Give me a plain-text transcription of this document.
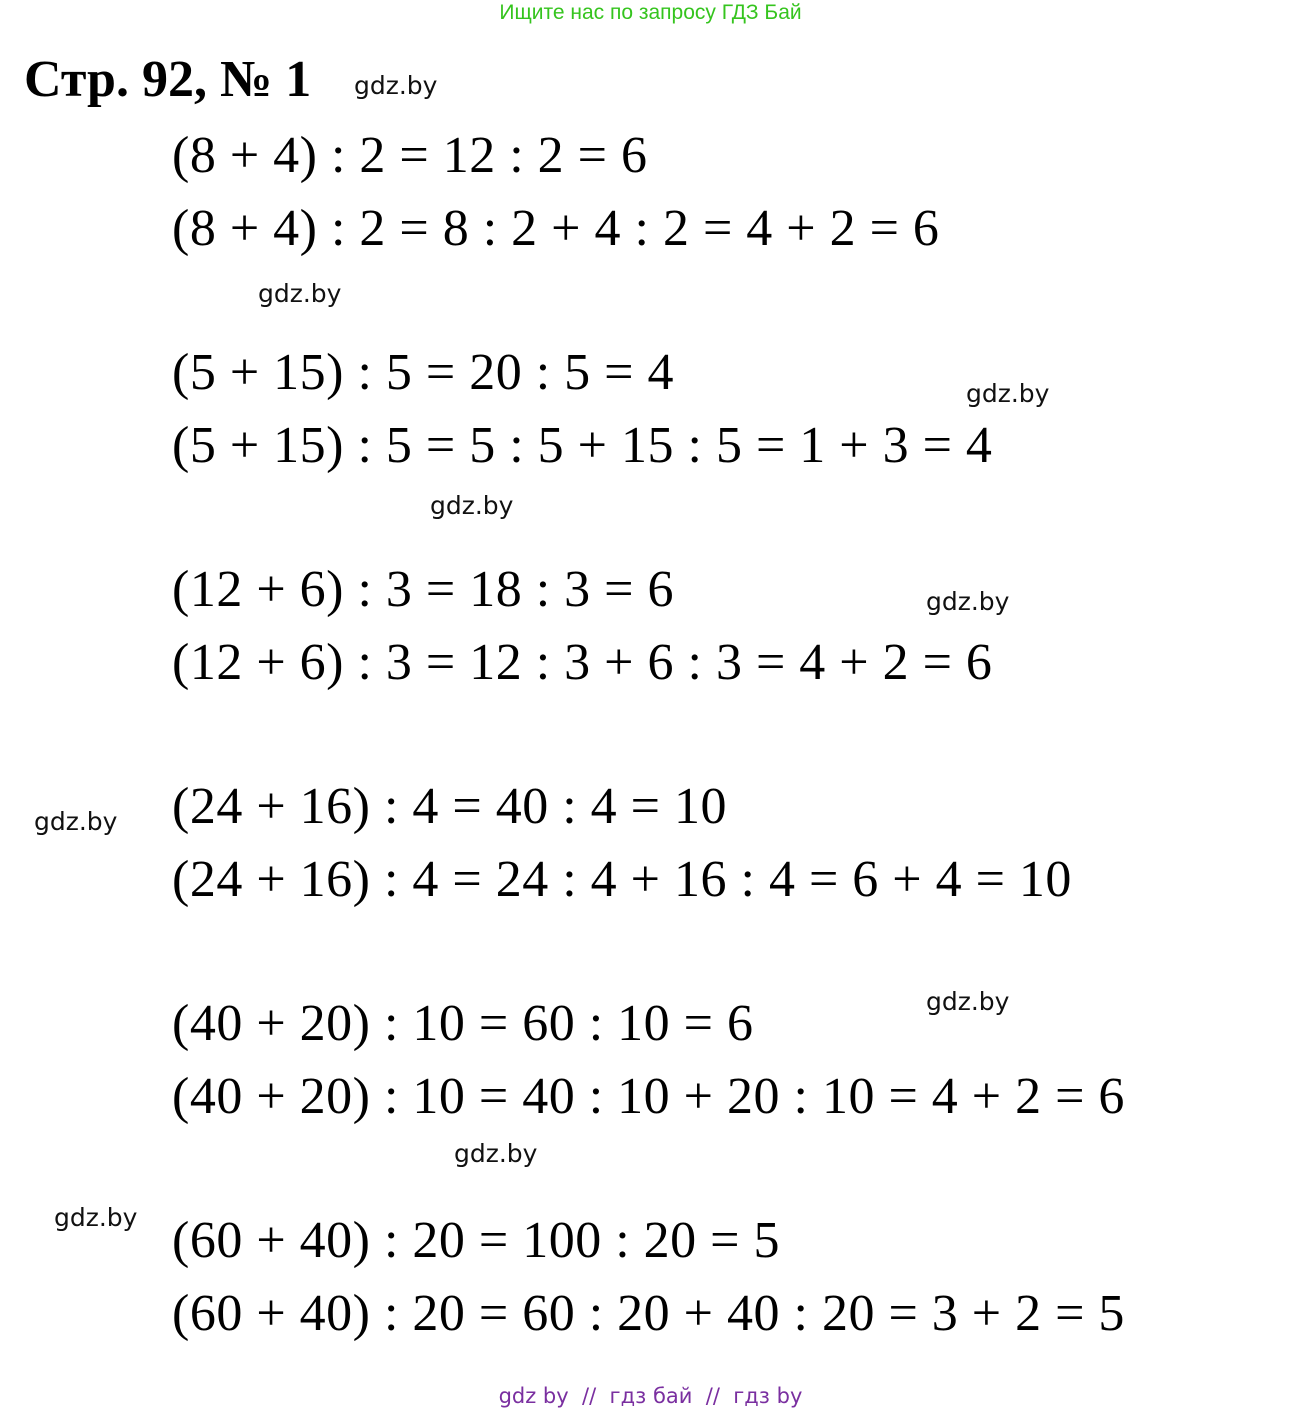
Ищите нас по запросу ГДЗ Бай
Стр. 92, № 1 gdz.by
(8 + 4) : 2 = 12 : 2 = 6
(8 + 4) : 2 = 8 : 2 + 4 : 2 = 4 + 2 = 6
gdz.by
(5 + 15) : 5 = 20 : 5 = 4	gdz.by
(5 + 15) : 5 = 5 : 5 + 15 : 5 = 1 + 3 = 4
gdz.by
(12 + 6) : 3 = 18 : 3 = 6	gdz.by
(12 + 6) : 3 = 12 : 3 + 6 : 3 = 4 + 2 = 6
gdz.by (24 + 16) : 4 = 40 : 4 = 10
(24 + 16) : 4 = 24 : 4 + 16 : 4 = 6 + 4 = 10
gdz.by
(40 + 20) : 10 = 60 : 10 = 6
(40 + 20) : 10 = 40 : 10 + 20 : 10 = 4 + 2 = 6
gdz.by
gdz.by (60 + 40) : 20 = 100 : 20 = 5
(60 + 40) : 20 = 60 : 20 + 40 : 20 = 3 + 2 = 5
gdz by  //  гдз бай  //  гдз by
